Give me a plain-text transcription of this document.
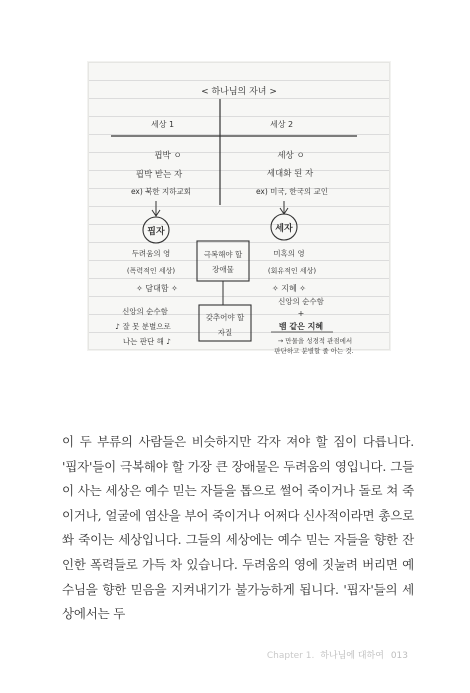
< 하나님의 자녀 >
세상 1	세상 2
핍박 ㅇ
핍박 받는 자
ex) 북한 지하교회
세상 ㅇ
세대화 된 자
ex) 미국, 한국의 교인
핍자	세자
극복해야 할
장애물
두려움의 영
(폭력적인 세상)
✧ 담대함 ✧
미혹의 영
(회유적인 세상)
✧ 지혜 ✧
갖추어야 할
자질
신앙의 순수함
♪ 잘 못 분별으로
나는 판단 해 ♪
신앙의 순수함
+
뱀 같은 지혜
→ 만물을 성경적 관점에서
판단하고 분별할 줄 아는 것.

이 두 부류의 사람들은 비슷하지만 각자 져야 할 짐이 다릅니다. '핍자'들이 극복해야 할 가장 큰 장애물은 두려움의 영입니다. 그들이 사는 세상은 예수 믿는 자들을 톱으로 썰어 죽이거나 돌로 쳐 죽이거나, 얼굴에 염산을 부어 죽이거나 어쩌다 신사적이라면 총으로 쏴 죽이는 세상입니다. 그들의 세상에는 예수 믿는 자들을 향한 잔인한 폭력들로 가득 차 있습니다. 두려움의 영에 짓눌려 버리면 예수님을 향한 믿음을 지켜내기가 불가능하게 됩니다. '핍자'들의 세상에서는 두

Chapter 1. 하나님에 대하여 013
